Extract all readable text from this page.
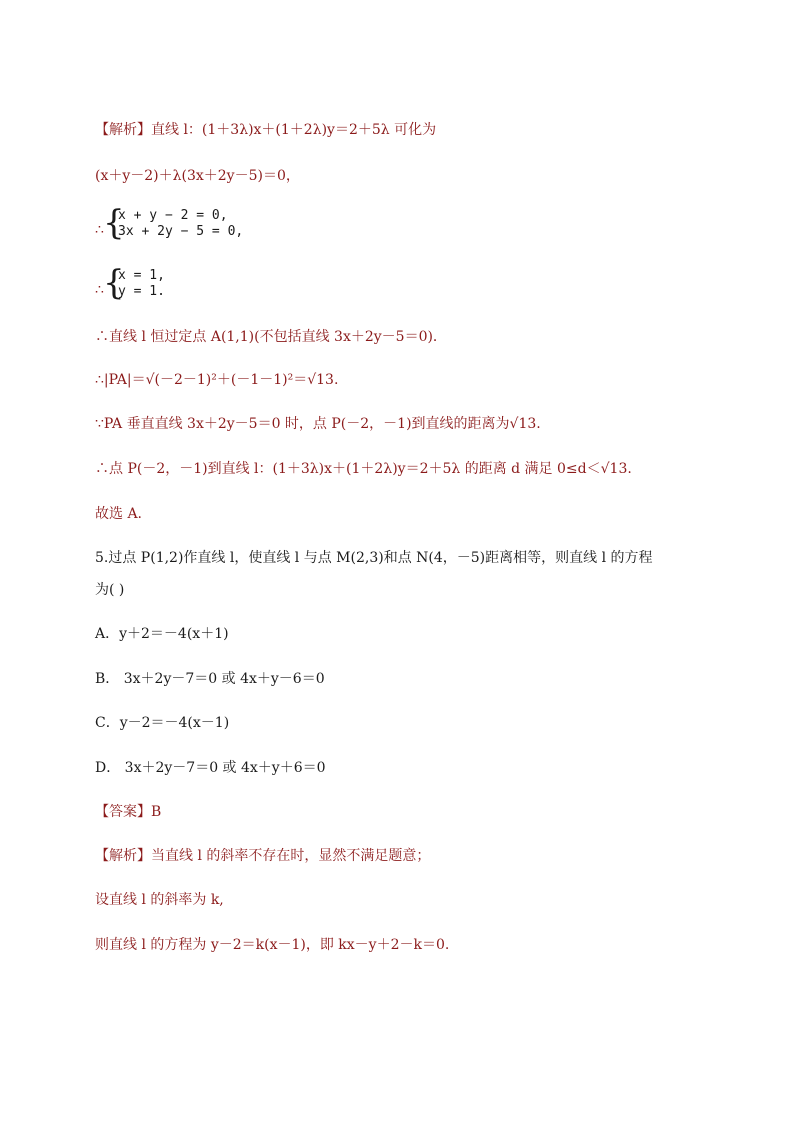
【解析】直线 l：(1＋3λ)x＋(1＋2λ)y＝2＋5λ 可化为
(x＋y－2)＋λ(3x＋2y－5)＝0，
∴ {
x + y − 2 = 0,
3x + 2y − 5 = 0,
∴ {
x = 1,
y = 1.
∴直线 l 恒过定点 A(1,1)(不包括直线 3x＋2y－5＝0)．
∴|PA|＝√(－2－1)²＋(－1－1)²＝√13.
∵PA 垂直直线 3x＋2y－5＝0 时，点 P(－2，－1)到直线的距离为√13.
∴点 P(－2，－1)到直线 l：(1＋3λ)x＋(1＋2λ)y＝2＋5λ 的距离 d 满足 0≤d＜√13.
故选 A.
5.过点 P(1,2)作直线 l，使直线 l 与点 M(2,3)和点 N(4，－5)距离相等，则直线 l 的方程
为( )
A．y＋2＝－4(x＋1)
B． 3x＋2y－7＝0 或 4x＋y－6＝0
C．y－2＝－4(x－1)
D． 3x＋2y－7＝0 或 4x＋y＋6＝0
【答案】B
【解析】当直线 l 的斜率不存在时，显然不满足题意；
设直线 l 的斜率为 k,
则直线 l 的方程为 y－2＝k(x－1)，即 kx－y＋2－k＝0.
